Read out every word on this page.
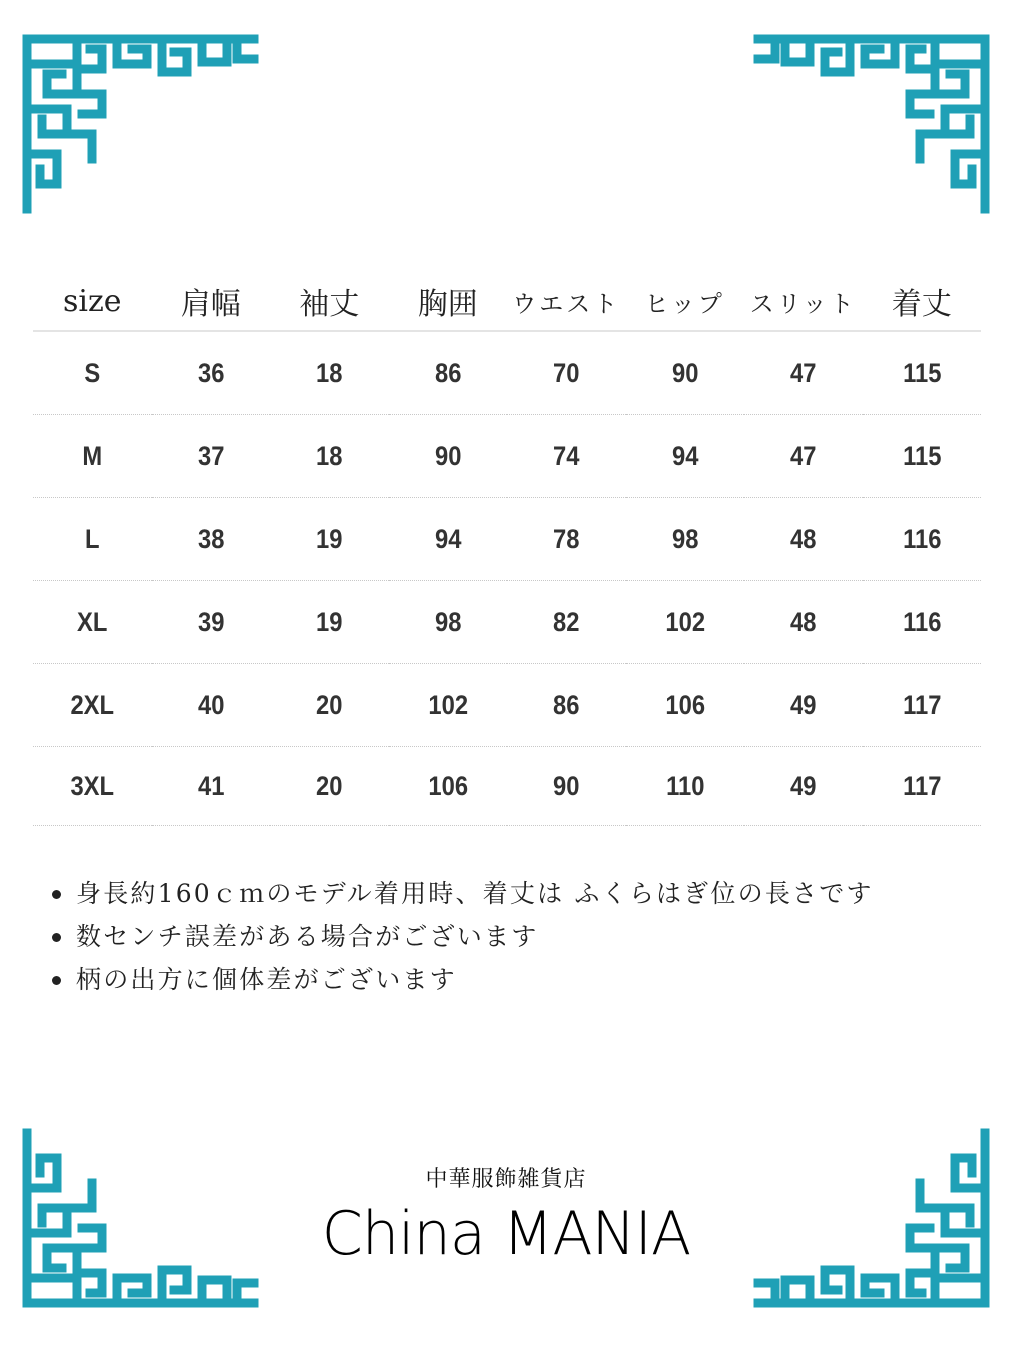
size	肩幅	袖丈	胸囲	ウエスト	ヒップ	スリット	着丈
S	36	18	86	70	90	47	115
M	37	18	90	74	94	47	115
L	38	19	94	78	98	48	116
XL	39	19	98	82	102	48	116
2XL	40	20	102	86	106	49	117
3XL	41	20	106	90	110	49	117
身長約160ｃｍのモデル着用時、着丈は ふくらはぎ位の長さです
数センチ誤差がある場合がございます
柄の出方に個体差がございます
中華服飾雑貨店
China MANIA
